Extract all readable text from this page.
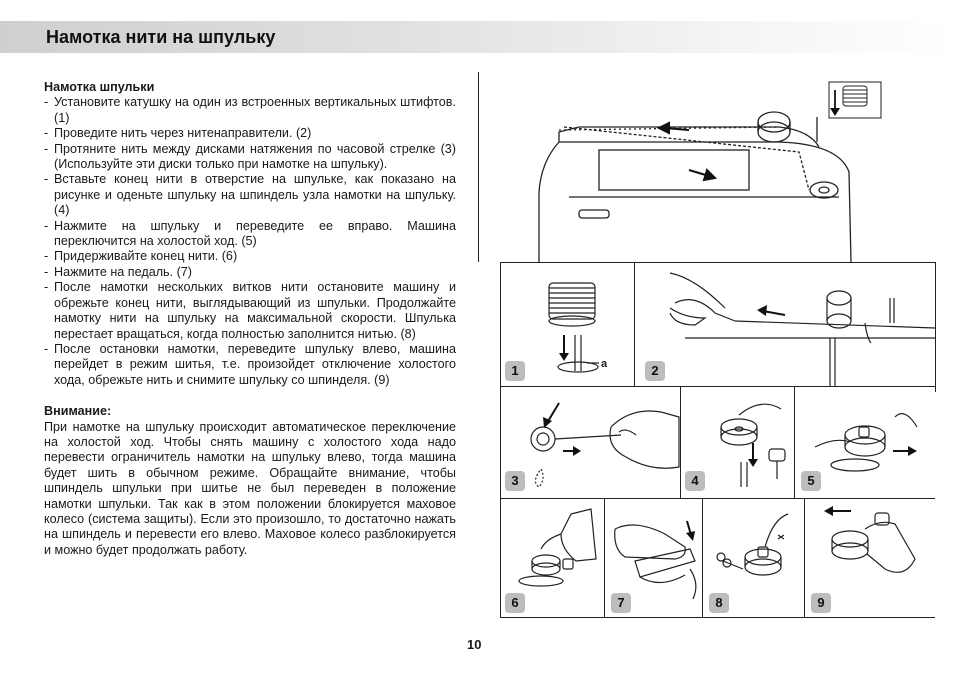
Намотка нити на шпульку
Намотка шпульки
- Установите катушку на один из встроенных вертикальных штифтов. (1)
- Проведите нить через нитенаправители. (2)
- Протяните нить между дисками натяжения по часовой стрелке (3) (Используйте эти диски только при намотке на шпульку).
- Вставьте конец нити в отверстие на шпульке, как показано на рисунке и оденьте шпульку на шпиндель узла намотки на шпульку. (4)
- Нажмите на шпульку и переведите ее вправо. Машина переключится на холостой ход. (5)
- Придерживайте конец нити. (6)
- Нажмите на педаль. (7)
- После намотки нескольких витков нити остановите машину и обрежьте конец нити, выглядывающий из шпульки. Продолжайте намотку нити на шпульку на максимальной скорости. Шпулька перестает вращаться, когда полностью заполнится нитью. (8)
- После остановки намотки, переведите шпульку влево, машина перейдет в режим шитья, т.е. произойдет отключение холостого хода, обрежьте нить и снимите шпульку со шпинделя. (9)
Внимание:

При намотке на шпульку происходит автоматическое переключение на холостой ход. Чтобы снять машину с холостого хода надо перевести ограничитель намотки на шпульку влево, тогда машина будет шить в обычном режиме. Обращайте внимание, чтобы шпиндель шпульки при шитье не был переведен в положение намотки шпульки. Так как в этом положении блокируется маховое колесо (система защиты). Если это произошло, то достаточно нажать на шпиндель и перевести его влево. Маховое колесо разблокируется и можно будет продолжать работу.

1	a	2
3	4	5
6	7	8	9
10
